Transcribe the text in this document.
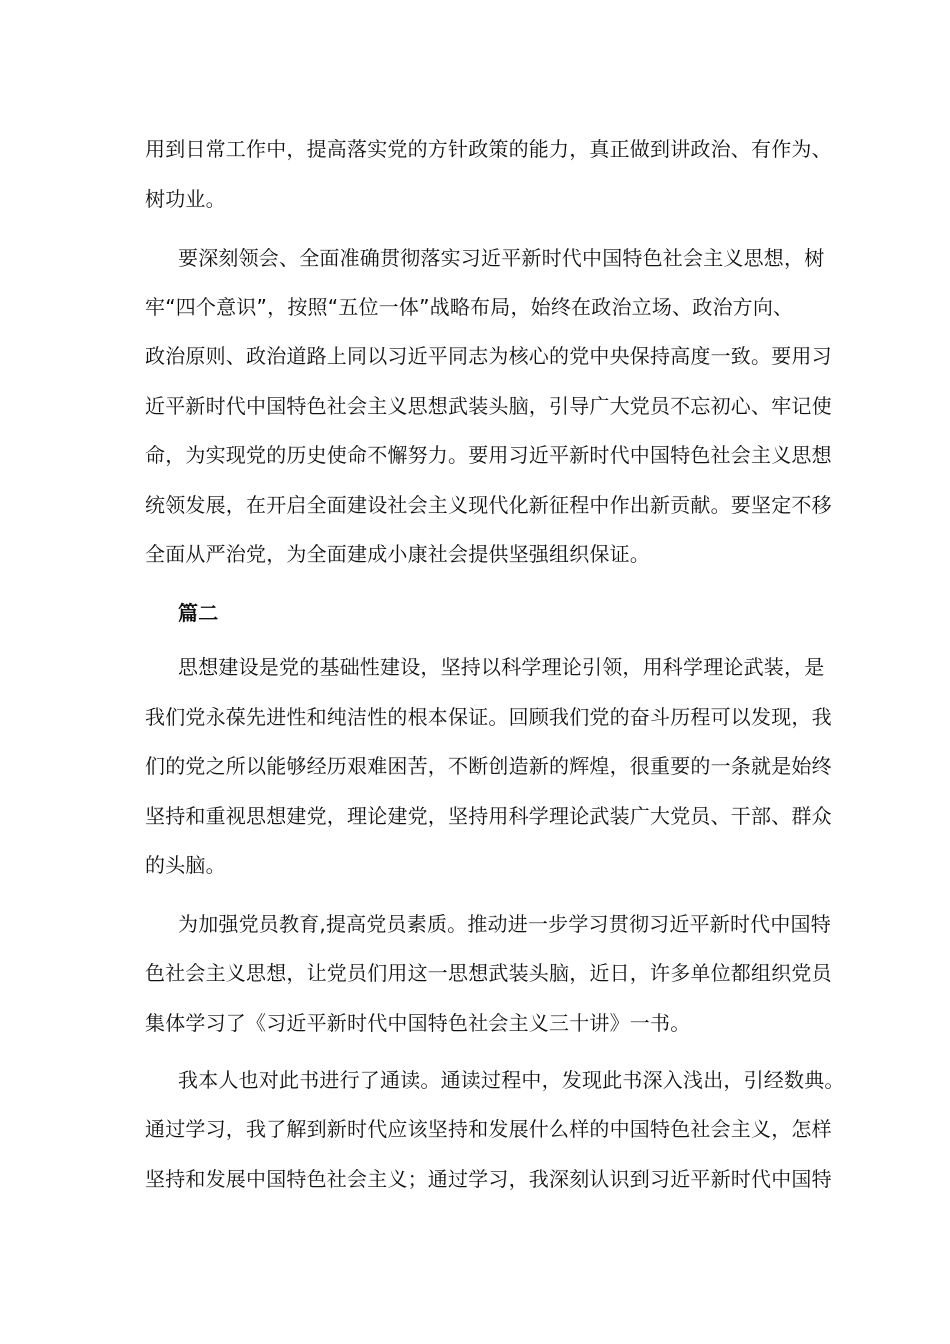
用到日常工作中，提高落实党的方针政策的能力，真正做到讲政治、有作为、
树功业。
要深刻领会、全面准确贯彻落实习近平新时代中国特色社会主义思想，树
牢“四个意识”，按照“五位一体”战略布局，始终在政治立场、政治方向、
政治原则、政治道路上同以习近平同志为核心的党中央保持高度一致。要用习
近平新时代中国特色社会主义思想武装头脑，引导广大党员不忘初心、牢记使
命，为实现党的历史使命不懈努力。要用习近平新时代中国特色社会主义思想
统领发展，在开启全面建设社会主义现代化新征程中作出新贡献。要坚定不移
全面从严治党，为全面建成小康社会提供坚强组织保证。
篇二
思想建设是党的基础性建设，坚持以科学理论引领，用科学理论武装，是
我们党永葆先进性和纯洁性的根本保证。回顾我们党的奋斗历程可以发现，我
们的党之所以能够经历艰难困苦，不断创造新的辉煌，很重要的一条就是始终
坚持和重视思想建党，理论建党，坚持用科学理论武装广大党员、干部、群众
的头脑。
为加强党员教育,提高党员素质。推动进一步学习贯彻习近平新时代中国特
色社会主义思想，让党员们用这一思想武装头脑，近日，许多单位都组织党员
集体学习了《习近平新时代中国特色社会主义三十讲》一书。
我本人也对此书进行了通读。通读过程中，发现此书深入浅出，引经数典。
通过学习，我了解到新时代应该坚持和发展什么样的中国特色社会主义，怎样
坚持和发展中国特色社会主义；通过学习，我深刻认识到习近平新时代中国特
